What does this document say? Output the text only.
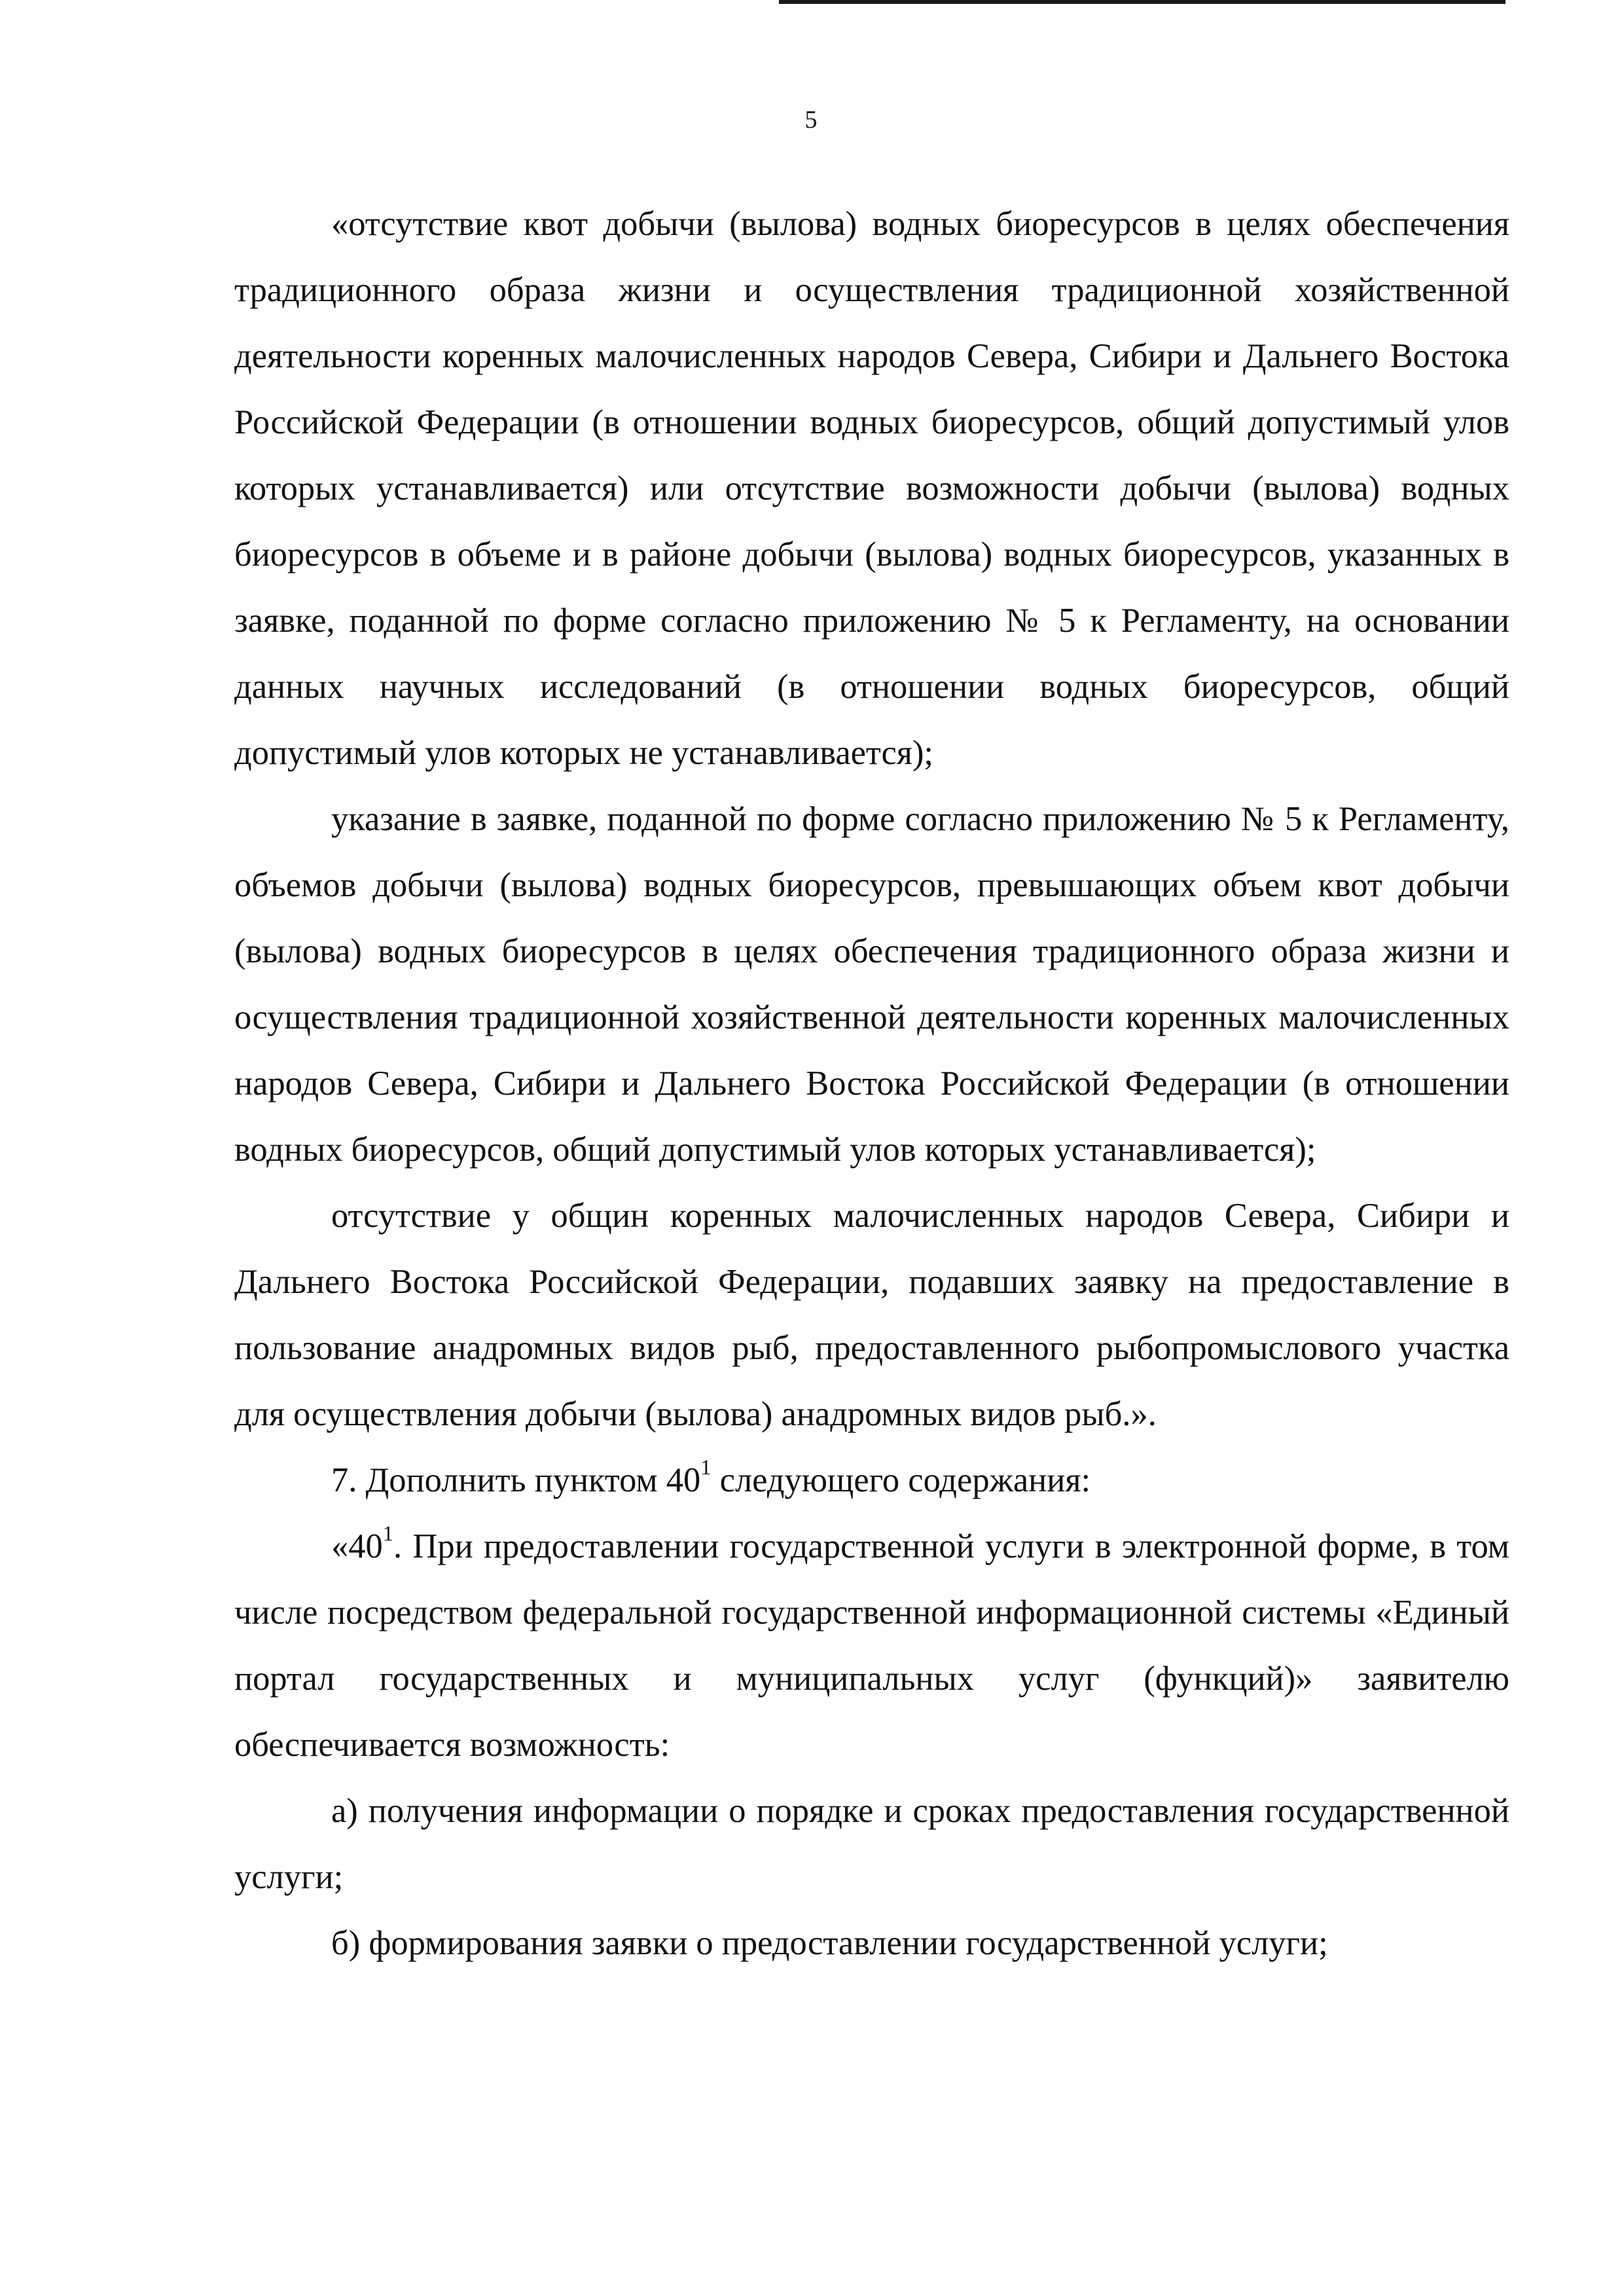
5

«отсутствие квот добычи (вылова) водных биоресурсов в целях обеспечения традиционного образа жизни и осуществления традиционной хозяйственной деятельности коренных малочисленных народов Севера, Сибири и Дальнего Востока Российской Федерации (в отношении водных биоресурсов, общий допустимый улов которых устанавливается) или отсутствие возможности добычи (вылова) водных биоресурсов в объеме и в районе добычи (вылова) водных биоресурсов, указанных в заявке, поданной по форме согласно приложению № 5 к Регламенту, на основании данных научных исследований (в отношении водных биоресурсов, общий допустимый улов которых не устанавливается);

указание в заявке, поданной по форме согласно приложению № 5 к Регламенту, объемов добычи (вылова) водных биоресурсов, превышающих объем квот добычи (вылова) водных биоресурсов в целях обеспечения традиционного образа жизни и осуществления традиционной хозяйственной деятельности коренных малочисленных народов Севера, Сибири и Дальнего Востока Российской Федерации (в отношении водных биоресурсов, общий допустимый улов которых устанавливается);

отсутствие у общин коренных малочисленных народов Севера, Сибири и Дальнего Востока Российской Федерации, подавших заявку на предоставление в пользование анадромных видов рыб, предоставленного рыбопромыслового участка для осуществления добычи (вылова) анадромных видов рыб.».

7. Дополнить пунктом $40^1$ следующего содержания:

«$40^1$. При предоставлении государственной услуги в электронной форме, в том числе посредством федеральной государственной информационной системы «Единый портал государственных и муниципальных услуг (функций)» заявителю обеспечивается возможность:

а) получения информации о порядке и сроках предоставления государственной услуги;

б) формирования заявки о предоставлении государственной услуги;
